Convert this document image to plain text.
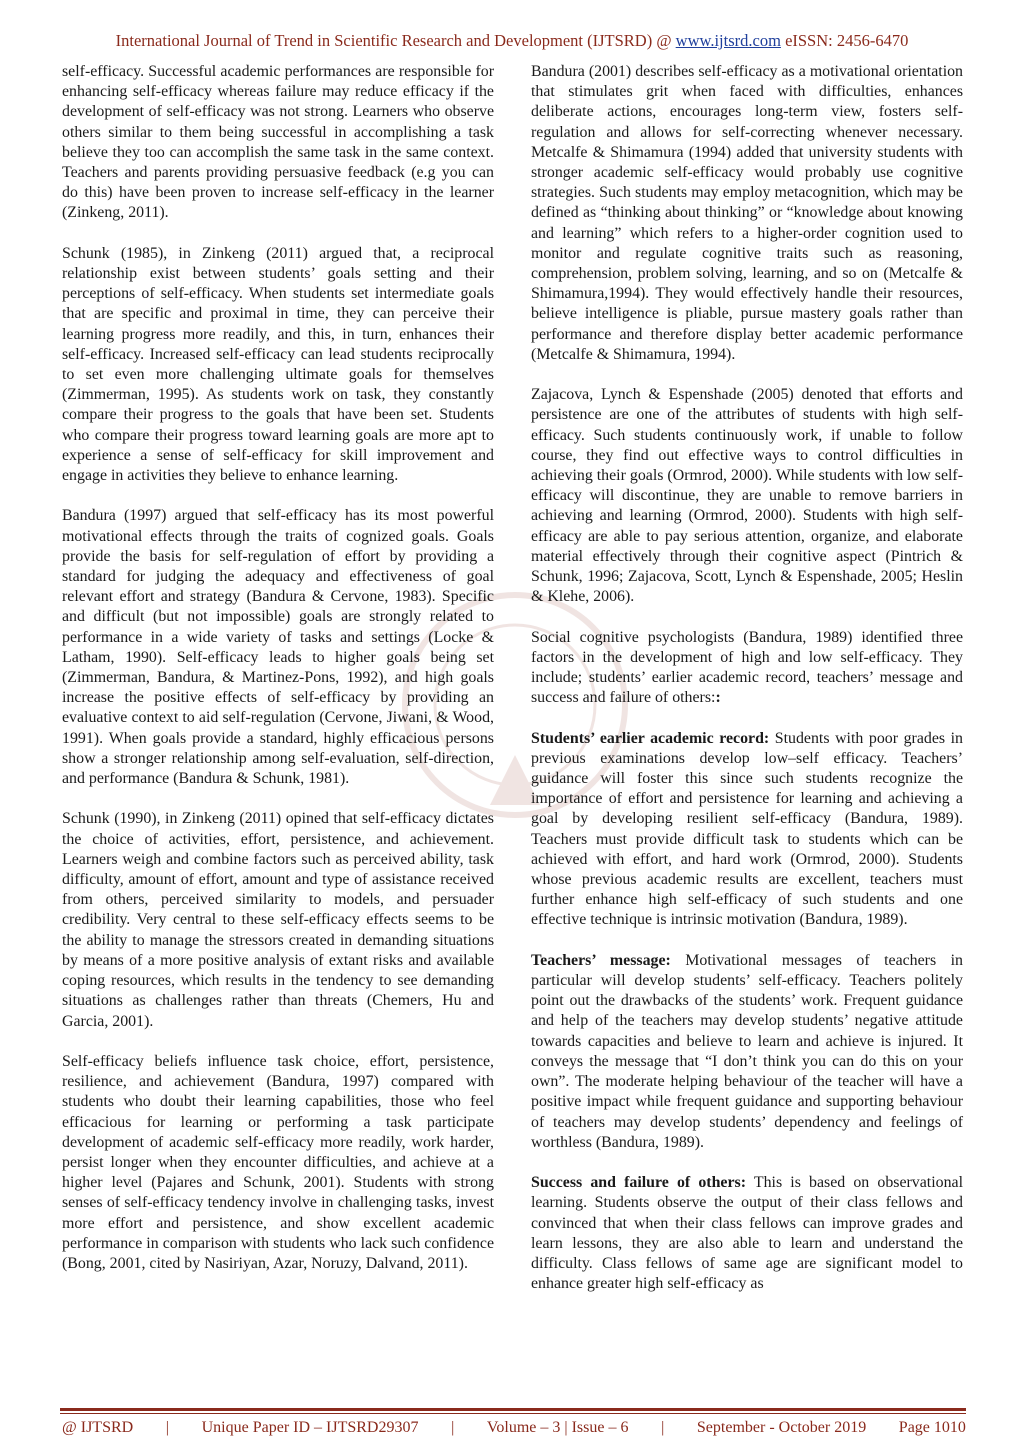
International Journal of Trend in Scientific Research and Development (IJTSRD) @ www.ijtsrd.com eISSN: 2456-6470

self-efficacy. Successful academic performances are responsible for enhancing self-efficacy whereas failure may reduce efficacy if the development of self-efficacy was not strong. Learners who observe others similar to them being successful in accomplishing a task believe they too can accomplish the same task in the same context. Teachers and parents providing persuasive feedback (e.g you can do this) have been proven to increase self-efficacy in the learner (Zinkeng, 2011).

Schunk (1985), in Zinkeng (2011) argued that, a reciprocal relationship exist between students’ goals setting and their perceptions of self-efficacy. When students set intermediate goals that are specific and proximal in time, they can perceive their learning progress more readily, and this, in turn, enhances their self-efficacy. Increased self-efficacy can lead students reciprocally to set even more challenging ultimate goals for themselves (Zimmerman, 1995). As students work on task, they constantly compare their progress to the goals that have been set. Students who compare their progress toward learning goals are more apt to experience a sense of self-efficacy for skill improvement and engage in activities they believe to enhance learning.

Bandura (1997) argued that self-efficacy has its most powerful motivational effects through the traits of cognized goals. Goals provide the basis for self-regulation of effort by providing a standard for judging the adequacy and effectiveness of goal relevant effort and strategy (Bandura & Cervone, 1983). Specific and difficult (but not impossible) goals are strongly related to performance in a wide variety of tasks and settings (Locke & Latham, 1990). Self-efficacy leads to higher goals being set (Zimmerman, Bandura, & Martinez-Pons, 1992), and high goals increase the positive effects of self-efficacy by providing an evaluative context to aid self-regulation (Cervone, Jiwani, & Wood, 1991). When goals provide a standard, highly efficacious persons show a stronger relationship among self-evaluation, self-direction, and performance (Bandura & Schunk, 1981).

Schunk (1990), in Zinkeng (2011) opined that self-efficacy dictates the choice of activities, effort, persistence, and achievement. Learners weigh and combine factors such as perceived ability, task difficulty, amount of effort, amount and type of assistance received from others, perceived similarity to models, and persuader credibility. Very central to these self-efficacy effects seems to be the ability to manage the stressors created in demanding situations by means of a more positive analysis of extant risks and available coping resources, which results in the tendency to see demanding situations as challenges rather than threats (Chemers, Hu and Garcia, 2001).

Self-efficacy beliefs influence task choice, effort, persistence, resilience, and achievement (Bandura, 1997) compared with students who doubt their learning capabilities, those who feel efficacious for learning or performing a task participate development of academic self-efficacy more readily, work harder, persist longer when they encounter difficulties, and achieve at a higher level (Pajares and Schunk, 2001). Students with strong senses of self-efficacy tendency involve in challenging tasks, invest more effort and persistence, and show excellent academic performance in comparison with students who lack such confidence (Bong, 2001, cited by Nasiriyan, Azar, Noruzy, Dalvand, 2011).

Bandura (2001) describes self-efficacy as a motivational orientation that stimulates grit when faced with difficulties, enhances deliberate actions, encourages long-term view, fosters self-regulation and allows for self-correcting whenever necessary. Metcalfe & Shimamura (1994) added that university students with stronger academic self-efficacy would probably use cognitive strategies. Such students may employ metacognition, which may be defined as “thinking about thinking” or “knowledge about knowing and learning” which refers to a higher-order cognition used to monitor and regulate cognitive traits such as reasoning, comprehension, problem solving, learning, and so on (Metcalfe & Shimamura,1994). They would effectively handle their resources, believe intelligence is pliable, pursue mastery goals rather than performance and therefore display better academic performance (Metcalfe & Shimamura, 1994).

Zajacova, Lynch & Espenshade (2005) denoted that efforts and persistence are one of the attributes of students with high self-efficacy. Such students continuously work, if unable to follow course, they find out effective ways to control difficulties in achieving their goals (Ormrod, 2000). While students with low self-efficacy will discontinue, they are unable to remove barriers in achieving and learning (Ormrod, 2000). Students with high self-efficacy are able to pay serious attention, organize, and elaborate material effectively through their cognitive aspect (Pintrich & Schunk, 1996; Zajacova, Scott, Lynch & Espenshade, 2005; Heslin & Klehe, 2006).

Social cognitive psychologists (Bandura, 1989) identified three factors in the development of high and low self-efficacy. They include; students’ earlier academic record, teachers’ message and success and failure of others::

Students’ earlier academic record: Students with poor grades in previous examinations develop low–self efficacy. Teachers’ guidance will foster this since such students recognize the importance of effort and persistence for learning and achieving a goal by developing resilient self-efficacy (Bandura, 1989). Teachers must provide difficult task to students which can be achieved with effort, and hard work (Ormrod, 2000). Students whose previous academic results are excellent, teachers must further enhance high self-efficacy of such students and one effective technique is intrinsic motivation (Bandura, 1989).

Teachers’ message: Motivational messages of teachers in particular will develop students’ self-efficacy. Teachers politely point out the drawbacks of the students’ work. Frequent guidance and help of the teachers may develop students’ negative attitude towards capacities and believe to learn and achieve is injured. It conveys the message that “I don’t think you can do this on your own”. The moderate helping behaviour of the teacher will have a positive impact while frequent guidance and supporting behaviour of teachers may develop students’ dependency and feelings of worthless (Bandura, 1989).

Success and failure of others: This is based on observational learning. Students observe the output of their class fellows and convinced that when their class fellows can improve grades and learn lessons, they are also able to learn and understand the difficulty. Class fellows of same age are significant model to enhance greater high self-efficacy as

@ IJTSRD | Unique Paper ID – IJTSRD29307 | Volume – 3 | Issue – 6 | September - October 2019 Page 1010
